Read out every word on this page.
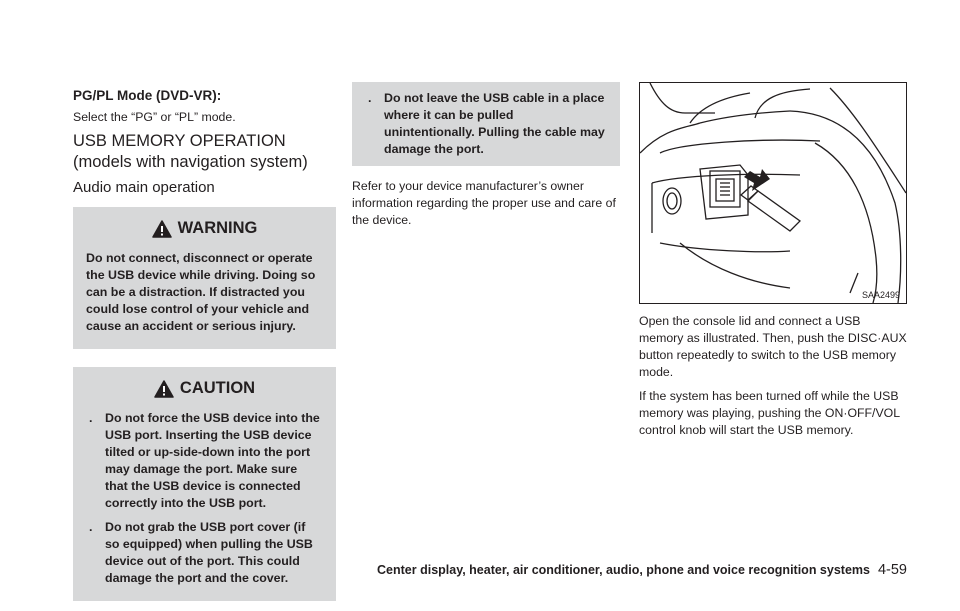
PG/PL Mode (DVD-VR):

Select the “PG” or “PL” mode.

USB MEMORY OPERATION (models with navigation system)
Audio main operation
WARNING

Do not connect, disconnect or operate the USB device while driving. Doing so can be a distraction. If distracted you could lose control of your vehicle and cause an accident or serious injury.

CAUTION
. Do not force the USB device into the USB port. Inserting the USB device tilted or up-side-down into the port may damage the port. Make sure that the USB device is connected correctly into the USB port.
. Do not grab the USB port cover (if so equipped) when pulling the USB device out of the port. This could damage the port and the cover.
. Do not leave the USB cable in a place where it can be pulled unintentionally. Pulling the cable may damage the port.

Refer to your device manufacturer’s owner information regarding the proper use and care of the device.

SAA2499

Open the console lid and connect a USB memory as illustrated. Then, push the DISC·AUX button repeatedly to switch to the USB memory mode.

If the system has been turned off while the USB memory was playing, pushing the ON·OFF/VOL control knob will start the USB memory.

Center display, heater, air conditioner, audio, phone and voice recognition systems 4-59
